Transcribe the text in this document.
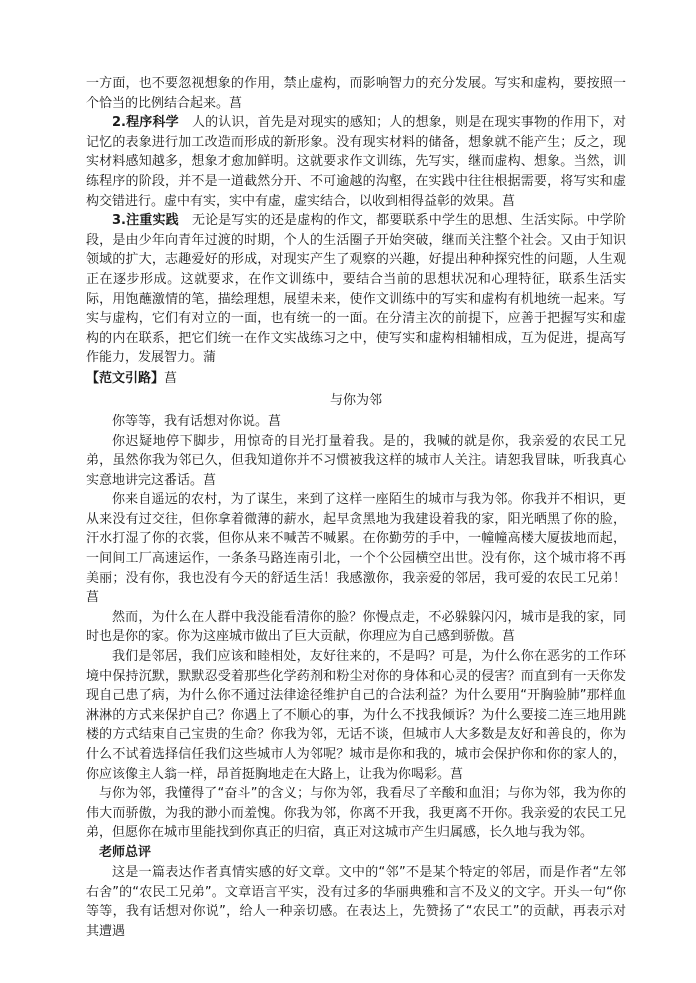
一方面，也不要忽视想象的作用，禁止虚构，而影响智力的充分发展。写实和虚构，要按照一个恰当的比例结合起来。菖

2.程序科学　人的认识，首先是对现实的感知；人的想象，则是在现实事物的作用下，对记忆的表象进行加工改造而形成的新形象。没有现实材料的储备，想象就不能产生；反之，现实材料感知越多，想象才愈加鲜明。这就要求作文训练，先写实，继而虚构、想象。当然，训练程序的阶段，并不是一道截然分开、不可逾越的沟壑，在实践中往往根据需要，将写实和虚构交错进行。虚中有实，实中有虚，虚实结合，以收到相得益彰的效果。菖

3.注重实践　无论是写实的还是虚构的作文，都要联系中学生的思想、生活实际。中学阶段，是由少年向青年过渡的时期，个人的生活圈子开始突破，继而关注整个社会。又由于知识领域的扩大，志趣爱好的形成，对现实产生了观察的兴趣，好提出种种探究性的问题，人生观正在逐步形成。这就要求，在作文训练中，要结合当前的思想状况和心理特征，联系生活实际，用饱蘸激情的笔，描绘理想，展望未来，使作文训练中的写实和虚构有机地统一起来。写实与虚构，它们有对立的一面，也有统一的一面。在分清主次的前提下，应善于把握写实和虚构的内在联系，把它们统一在作文实战练习之中，使写实和虚构相辅相成，互为促进，提高写作能力，发展智力。蒲

【范文引路】菖

与你为邻

你等等，我有话想对你说。菖

你迟疑地停下脚步，用惊奇的目光打量着我。是的，我喊的就是你，我亲爱的农民工兄弟，虽然你我为邻已久，但我知道你并不习惯被我这样的城市人关注。请恕我冒昧，听我真心实意地讲完这番话。菖

你来自遥远的农村，为了谋生，来到了这样一座陌生的城市与我为邻。你我并不相识，更从来没有过交往，但你拿着微薄的薪水，起早贪黑地为我建设着我的家，阳光晒黑了你的脸，汗水打湿了你的衣裳，但你从来不喊苦不喊累。在你勤劳的手中，一幢幢高楼大厦拔地而起，一间间工厂高速运作，一条条马路连南引北，一个个公园横空出世。没有你，这个城市将不再美丽；没有你，我也没有今天的舒适生活！我感激你，我亲爱的邻居，我可爱的农民工兄弟！菖

然而，为什么在人群中我没能看清你的脸？你慢点走，不必躲躲闪闪，城市是我的家，同时也是你的家。你为这座城市做出了巨大贡献，你理应为自己感到骄傲。菖

我们是邻居，我们应该和睦相处，友好往来的，不是吗？可是，为什么你在恶劣的工作环境中保持沉默，默默忍受着那些化学药剂和粉尘对你的身体和心灵的侵害？而直到有一天你发现自己患了病，为什么你不通过法律途径维护自己的合法利益？为什么要用“开胸验肺”那样血淋淋的方式来保护自己？你遇上了不顺心的事，为什么不找我倾诉？为什么要接二连三地用跳楼的方式结束自己宝贵的生命？你我为邻，无话不谈，但城市人大多数是友好和善良的，你为什么不试着选择信任我们这些城市人为邻呢？城市是你和我的，城市会保护你和你的家人的，你应该像主人翁一样，昂首挺胸地走在大路上，让我为你喝彩。菖

与你为邻，我懂得了“奋斗”的含义；与你为邻，我看尽了辛酸和血泪；与你为邻，我为你的伟大而骄傲，为我的渺小而羞愧。你我为邻，你离不开我，我更离不开你。我亲爱的农民工兄弟，但愿你在城市里能找到你真正的归宿，真正对这城市产生归属感，长久地与我为邻。

老师总评

这是一篇表达作者真情实感的好文章。文中的“邻”不是某个特定的邻居，而是作者“左邻右舍”的“农民工兄弟”。文章语言平实，没有过多的华丽典雅和言不及义的文字。开头一句“你等等，我有话想对你说”，给人一种亲切感。在表达上，先赞扬了“农民工”的贡献，再表示对其遭遇
